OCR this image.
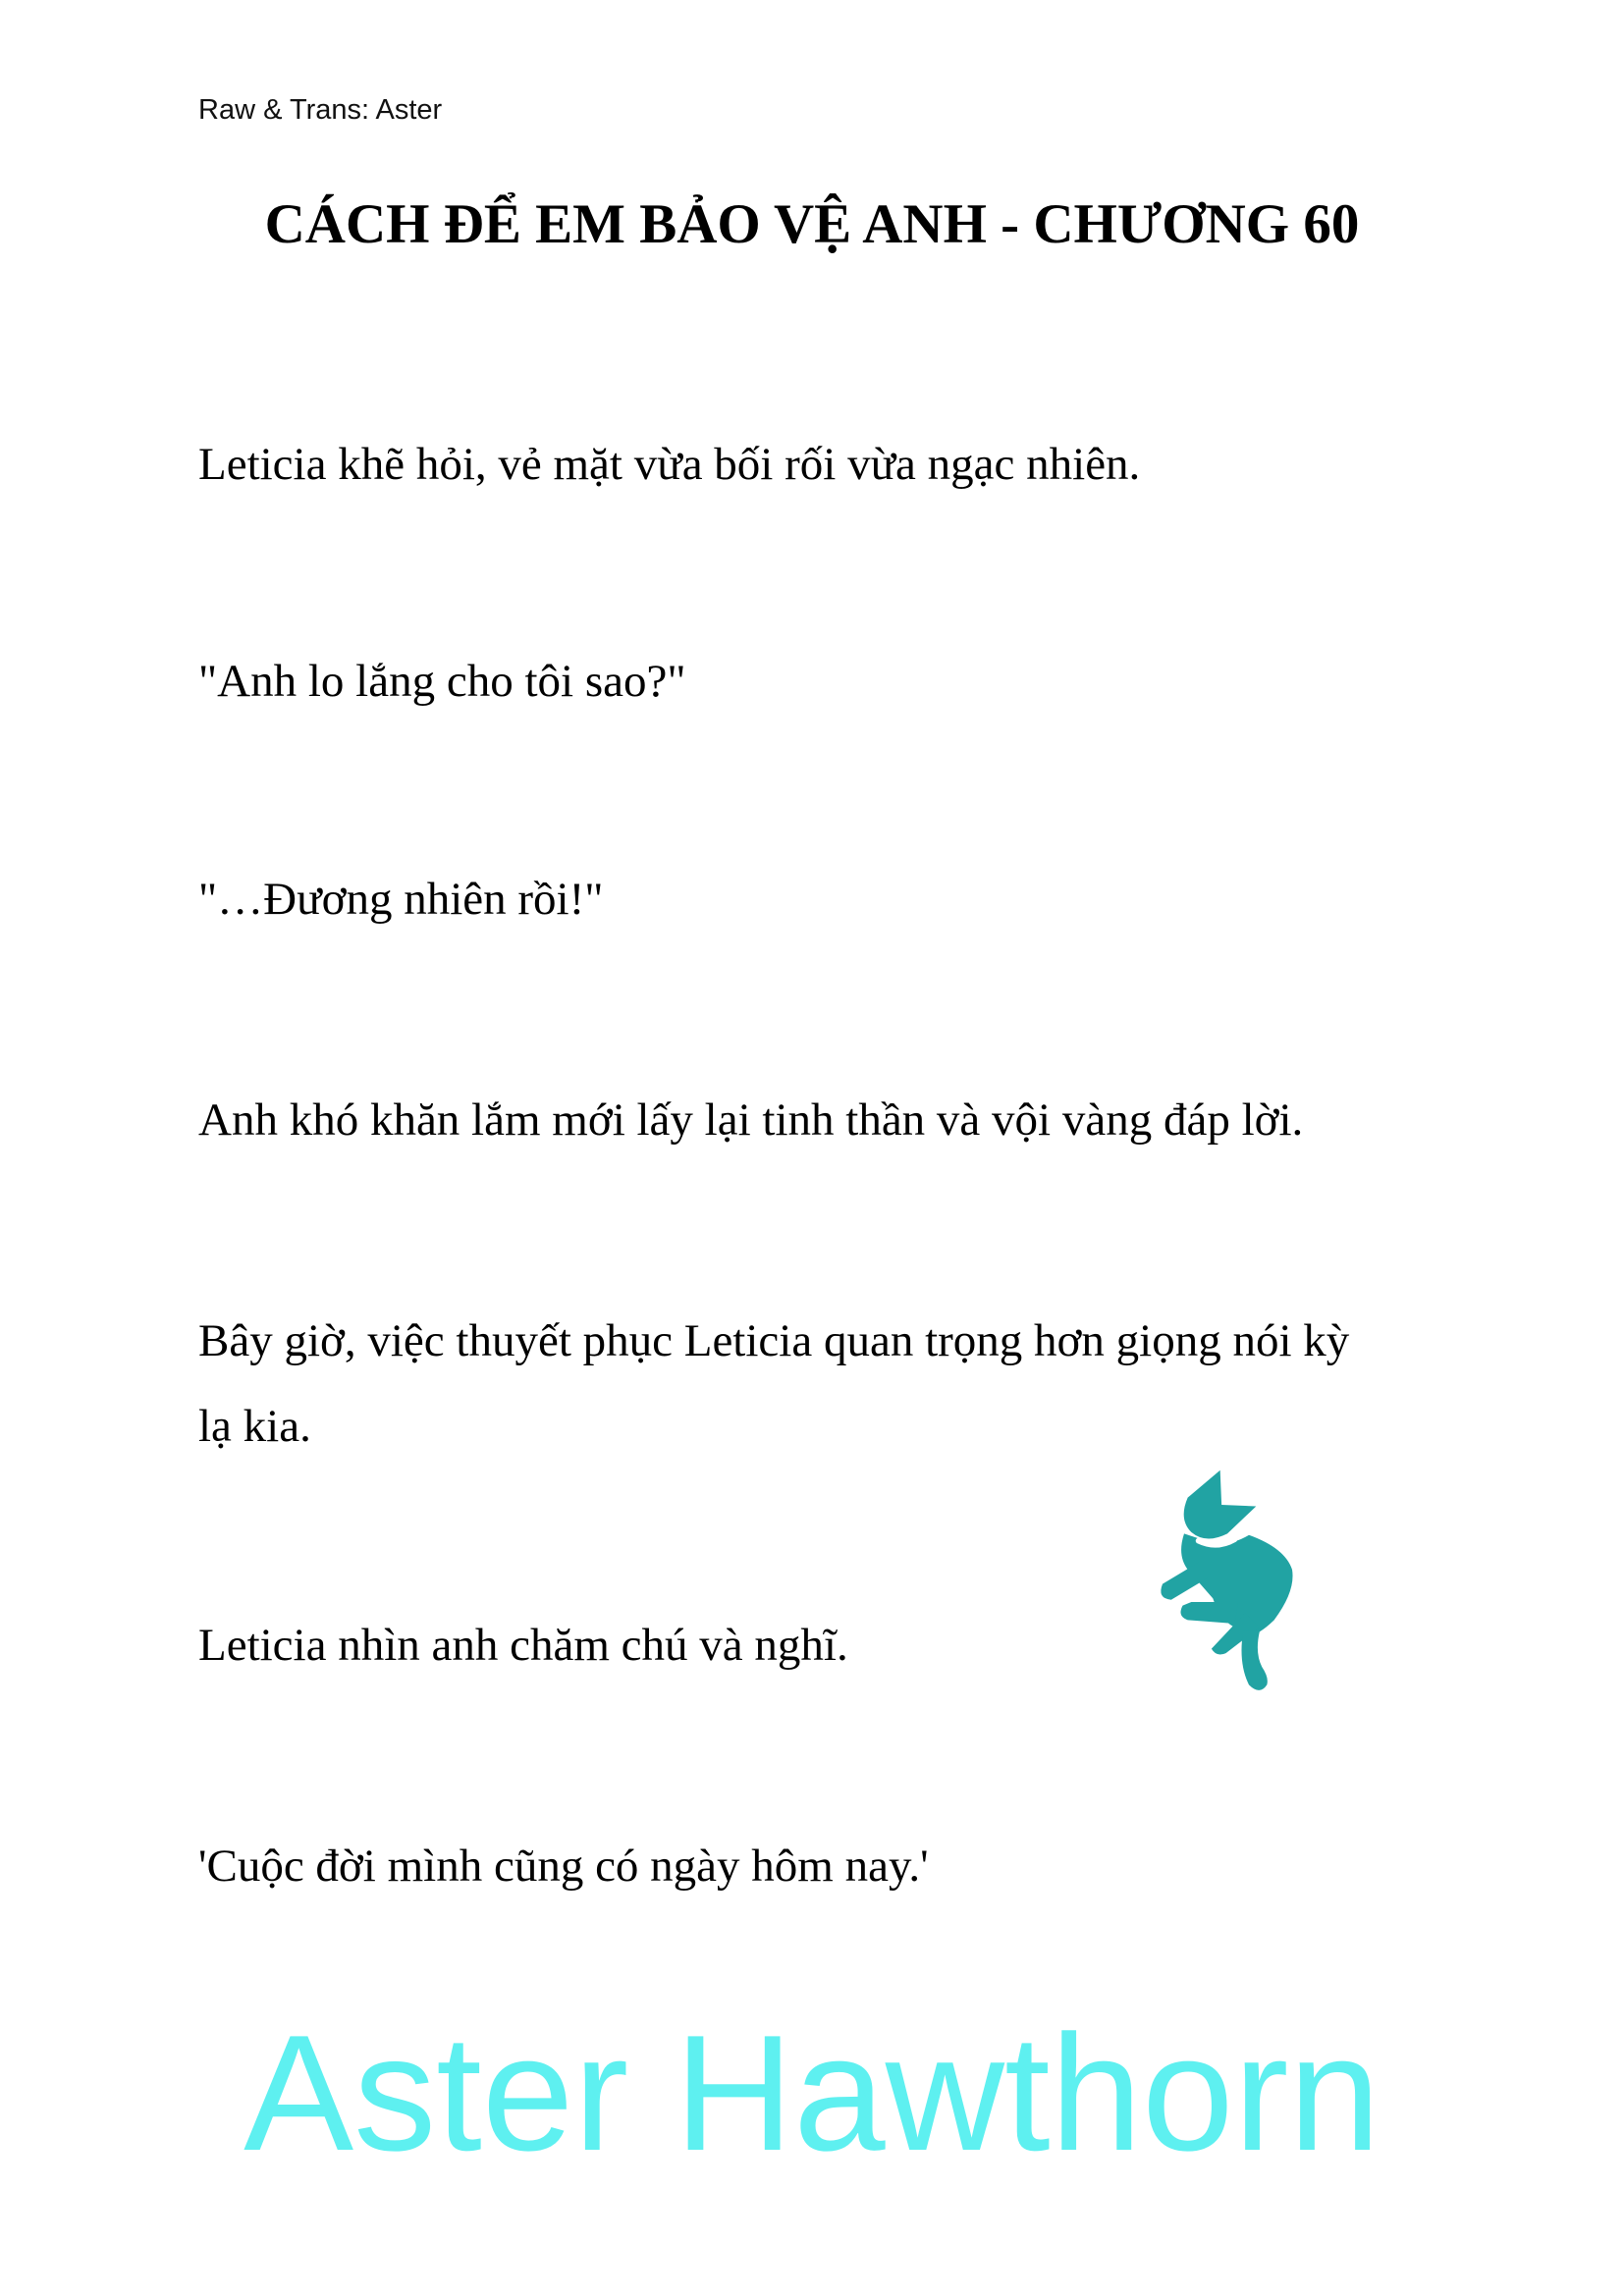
Raw & Trans: Aster
CÁCH ĐỂ EM BẢO VỆ ANH - CHƯƠNG 60
Leticia khẽ hỏi, vẻ mặt vừa bối rối vừa ngạc nhiên.
"Anh lo lắng cho tôi sao?"
"…Đương nhiên rồi!"
Anh khó khăn lắm mới lấy lại tinh thần và vội vàng đáp lời.
Bây giờ, việc thuyết phục Leticia quan trọng hơn giọng nói kỳ
lạ kia.
Leticia nhìn anh chăm chú và nghĩ.
'Cuộc đời mình cũng có ngày hôm nay.'
Aster Hawthorn
